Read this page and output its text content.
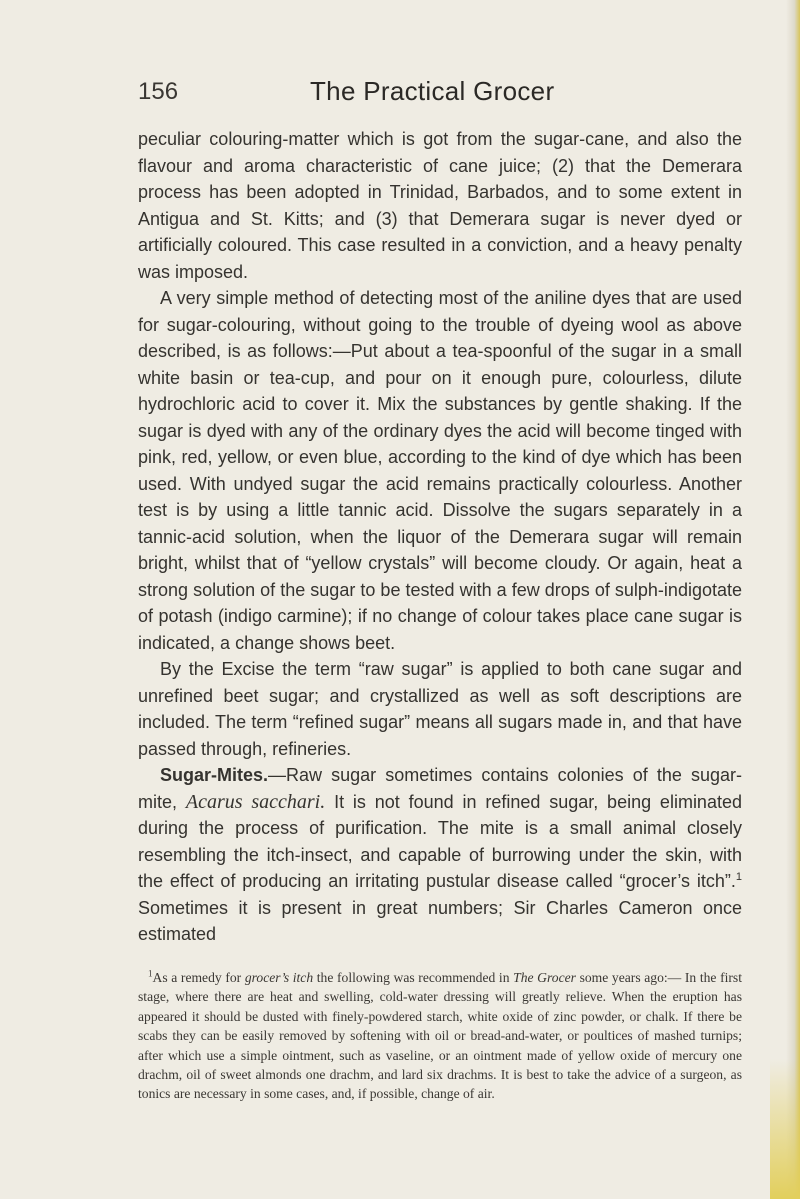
156	The Practical Grocer

peculiar colouring-matter which is got from the sugar-cane, and also the flavour and aroma characteristic of cane juice; (2) that the Demerara process has been adopted in Trinidad, Barbados, and to some extent in Antigua and St. Kitts; and (3) that Demerara sugar is never dyed or artificially coloured. This case resulted in a conviction, and a heavy penalty was imposed.

A very simple method of detecting most of the aniline dyes that are used for sugar-colouring, without going to the trouble of dyeing wool as above described, is as follows:—Put about a tea-spoonful of the sugar in a small white basin or tea-cup, and pour on it enough pure, colourless, dilute hydrochloric acid to cover it. Mix the substances by gentle shaking. If the sugar is dyed with any of the ordinary dyes the acid will become tinged with pink, red, yellow, or even blue, according to the kind of dye which has been used. With undyed sugar the acid remains practically colourless. Another test is by using a little tannic acid. Dissolve the sugars separately in a tannic-acid solution, when the liquor of the Demerara sugar will remain bright, whilst that of “yellow crystals” will become cloudy. Or again, heat a strong solution of the sugar to be tested with a few drops of sulph-indigotate of potash (indigo carmine); if no change of colour takes place cane sugar is indicated, a change shows beet.

By the Excise the term “raw sugar” is applied to both cane sugar and unrefined beet sugar; and crystallized as well as soft descriptions are included. The term “refined sugar” means all sugars made in, and that have passed through, refineries.

Sugar-Mites.—Raw sugar sometimes contains colonies of the sugar-mite, Acarus sacchari. It is not found in refined sugar, being eliminated during the process of purification. The mite is a small animal closely resembling the itch-insect, and capable of burrowing under the skin, with the effect of producing an irritating pustular disease called “grocer’s itch”.$^1$ Sometimes it is present in great numbers; Sir Charles Cameron once estimated

$^1$As a remedy for grocer’s itch the following was recommended in The Grocer some years ago:— In the first stage, where there are heat and swelling, cold-water dressing will greatly relieve. When the eruption has appeared it should be dusted with finely-powdered starch, white oxide of zinc powder, or chalk. If there be scabs they can be easily removed by softening with oil or bread-and-water, or poultices of mashed turnips; after which use a simple ointment, such as vaseline, or an ointment made of yellow oxide of mercury one drachm, oil of sweet almonds one drachm, and lard six drachms. It is best to take the advice of a surgeon, as tonics are necessary in some cases, and, if possible, change of air.
